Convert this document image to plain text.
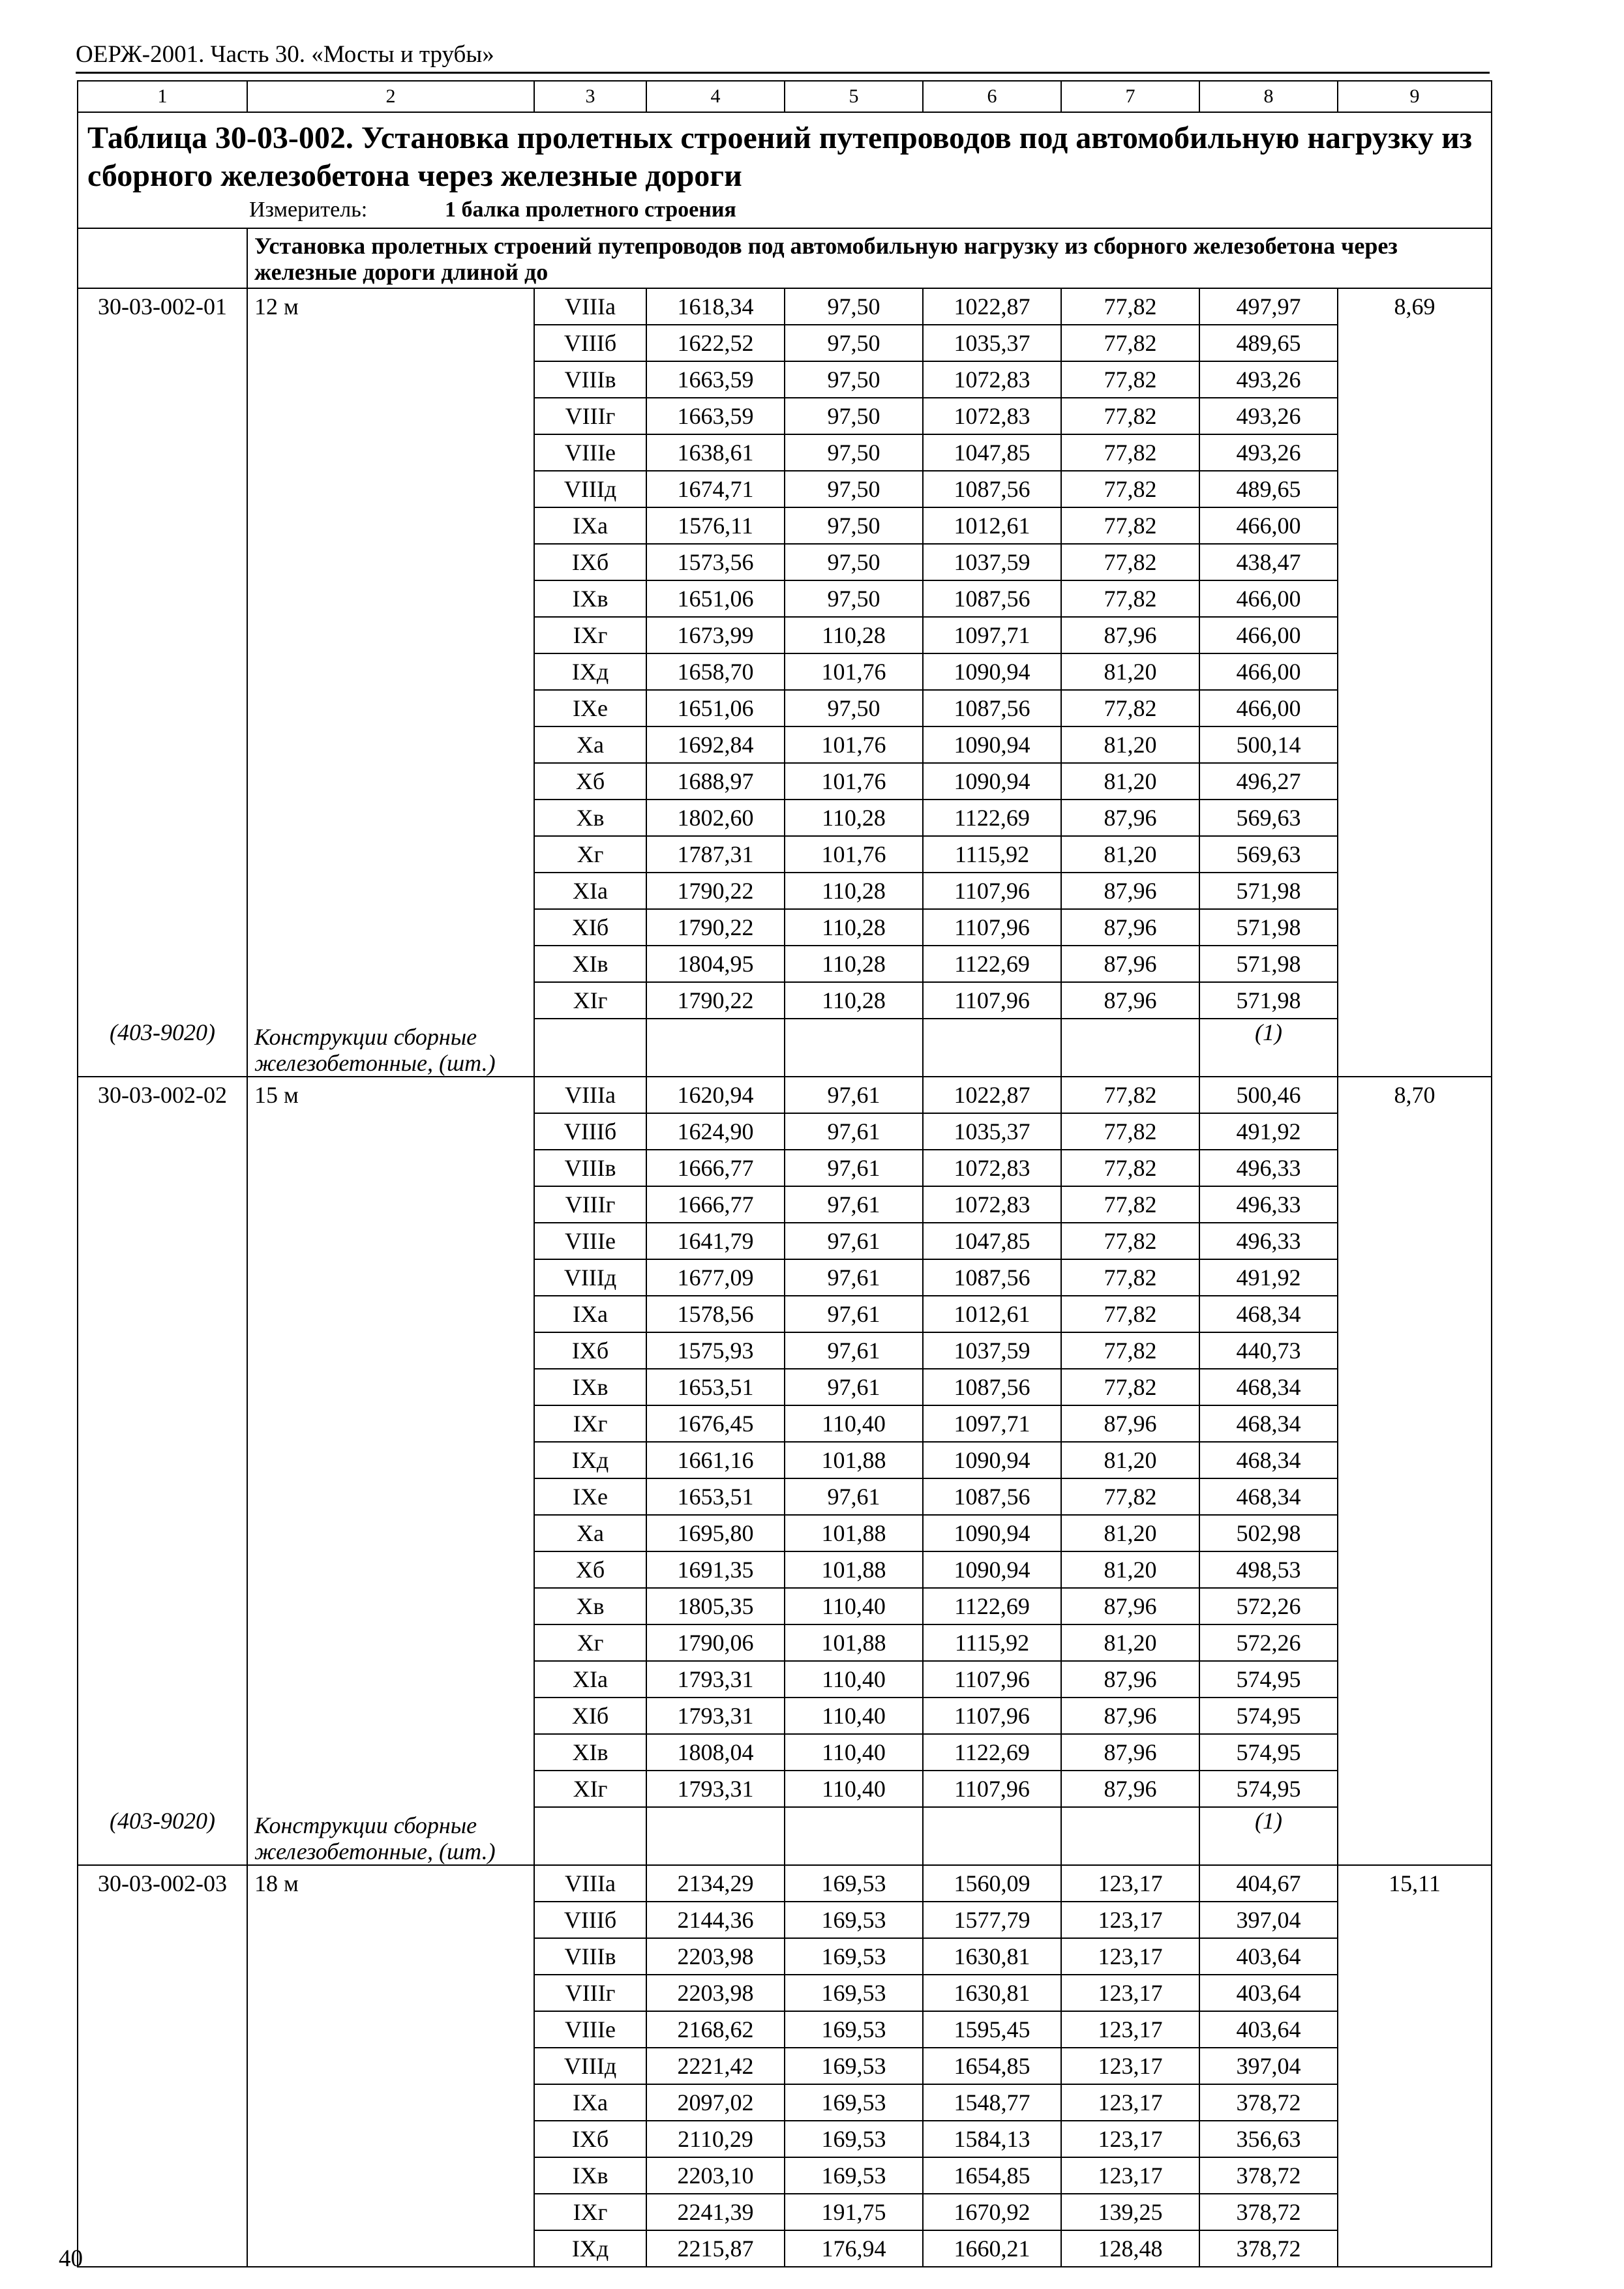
ОЕРЖ-2001. Часть 30. «Мосты и трубы»
1	2	3	4	5	6	7	8	9

Таблица 30-03-002. Установка пролетных строений путепроводов под автомобильную нагрузку из сборного железобетона через железные дороги
Измеритель: 1 балка пролетного строения								

	Установка пролетных строений путепроводов под автомобильную нагрузку из сборного железобетона через железные дороги длиной до							
30-03-002-01	12 м	VIIIа	1618,34	97,50	1022,87	77,82	497,97	8,69
		VIIIб	1622,52	97,50	1035,37	77,82	489,65	
		VIIIв	1663,59	97,50	1072,83	77,82	493,26	
		VIIIг	1663,59	97,50	1072,83	77,82	493,26	
		VIIIе	1638,61	97,50	1047,85	77,82	493,26	
		VIIIд	1674,71	97,50	1087,56	77,82	489,65	
		IХа	1576,11	97,50	1012,61	77,82	466,00	
		IХб	1573,56	97,50	1037,59	77,82	438,47	
		IХв	1651,06	97,50	1087,56	77,82	466,00	
		IХг	1673,99	110,28	1097,71	87,96	466,00	
		IХд	1658,70	101,76	1090,94	81,20	466,00	
		IХе	1651,06	97,50	1087,56	77,82	466,00	
		Ха	1692,84	101,76	1090,94	81,20	500,14	
		Хб	1688,97	101,76	1090,94	81,20	496,27	
		Хв	1802,60	110,28	1122,69	87,96	569,63	
		Хг	1787,31	101,76	1115,92	81,20	569,63	
		XIа	1790,22	110,28	1107,96	87,96	571,98	
		XIб	1790,22	110,28	1107,96	87,96	571,98	
		XIв	1804,95	110,28	1122,69	87,96	571,98	
		XIг	1790,22	110,28	1107,96	87,96	571,98	
(403-9020)	Конструкции сборные железобетонные, (шт.)						(1)	
30-03-002-02	15 м	VIIIа	1620,94	97,61	1022,87	77,82	500,46	8,70
		VIIIб	1624,90	97,61	1035,37	77,82	491,92	
		VIIIв	1666,77	97,61	1072,83	77,82	496,33	
		VIIIг	1666,77	97,61	1072,83	77,82	496,33	
		VIIIе	1641,79	97,61	1047,85	77,82	496,33	
		VIIIд	1677,09	97,61	1087,56	77,82	491,92	
		IХа	1578,56	97,61	1012,61	77,82	468,34	
		IХб	1575,93	97,61	1037,59	77,82	440,73	
		IХв	1653,51	97,61	1087,56	77,82	468,34	
		IХг	1676,45	110,40	1097,71	87,96	468,34	
		IХд	1661,16	101,88	1090,94	81,20	468,34	
		IХе	1653,51	97,61	1087,56	77,82	468,34	
		Ха	1695,80	101,88	1090,94	81,20	502,98	
		Хб	1691,35	101,88	1090,94	81,20	498,53	
		Хв	1805,35	110,40	1122,69	87,96	572,26	
		Хг	1790,06	101,88	1115,92	81,20	572,26	
		XIа	1793,31	110,40	1107,96	87,96	574,95	
		XIб	1793,31	110,40	1107,96	87,96	574,95	
		XIв	1808,04	110,40	1122,69	87,96	574,95	
		XIг	1793,31	110,40	1107,96	87,96	574,95	
(403-9020)	Конструкции сборные железобетонные, (шт.)						(1)	
30-03-002-03	18 м	VIIIа	2134,29	169,53	1560,09	123,17	404,67	15,11
		VIIIб	2144,36	169,53	1577,79	123,17	397,04	
		VIIIв	2203,98	169,53	1630,81	123,17	403,64	
		VIIIг	2203,98	169,53	1630,81	123,17	403,64	
		VIIIе	2168,62	169,53	1595,45	123,17	403,64	
		VIIIд	2221,42	169,53	1654,85	123,17	397,04	
		IХа	2097,02	169,53	1548,77	123,17	378,72	
		IХб	2110,29	169,53	1584,13	123,17	356,63	
		IХв	2203,10	169,53	1654,85	123,17	378,72	
		IХг	2241,39	191,75	1670,92	139,25	378,72	
		IХд	2215,87	176,94	1660,21	128,48	378,72	
40
